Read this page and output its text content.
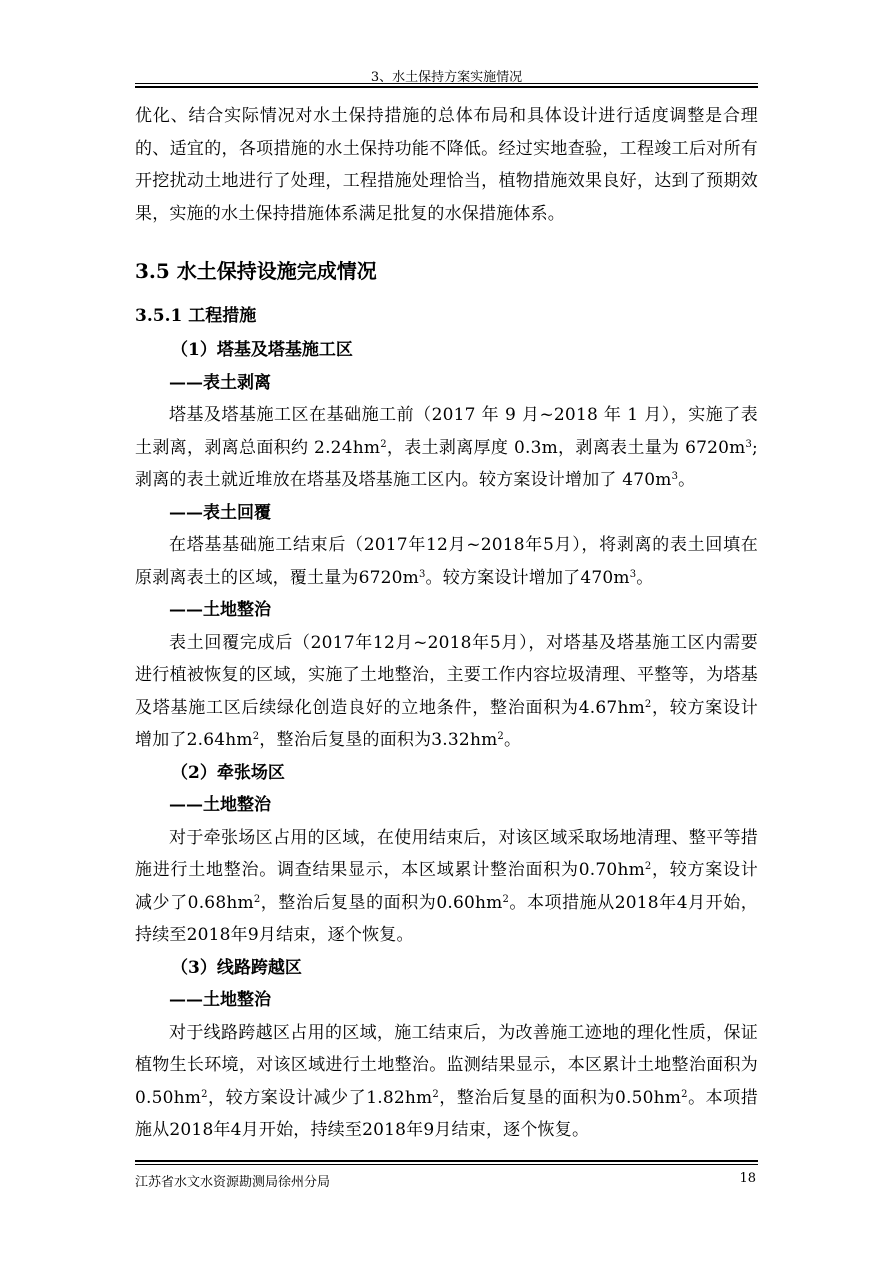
3、水土保持方案实施情况

优化、结合实际情况对水土保持措施的总体布局和具体设计进行适度调整是合理的、适宜的，各项措施的水土保持功能不降低。经过实地查验，工程竣工后对所有开挖扰动土地进行了处理，工程措施处理恰当，植物措施效果良好，达到了预期效果，实施的水土保持措施体系满足批复的水保措施体系。

3.5 水土保持设施完成情况
3.5.1 工程措施
（1）塔基及塔基施工区
——表土剥离

塔基及塔基施工区在基础施工前（2017 年 9 月~2018 年 1 月），实施了表土剥离，剥离总面积约 $2.24hm^2$，表土剥离厚度 0.3m，剥离表土量为 $6720m^3$; 剥离的表土就近堆放在塔基及塔基施工区内。较方案设计增加了 $470m^3$。

——表土回覆

在塔基基础施工结束后（2017年12月~2018年5月），将剥离的表土回填在原剥离表土的区域，覆土量为$6720m^3$。较方案设计增加了$470m^3$。

——土地整治

表土回覆完成后（2017年12月~2018年5月），对塔基及塔基施工区内需要进行植被恢复的区域，实施了土地整治，主要工作内容垃圾清理、平整等，为塔基及塔基施工区后续绿化创造良好的立地条件，整治面积为$4.67hm^2$，较方案设计增加了$2.64hm^2$，整治后复垦的面积为$3.32hm^2$。

（2）牵张场区
——土地整治

对于牵张场区占用的区域，在使用结束后，对该区域采取场地清理、整平等措施进行土地整治。调查结果显示，本区域累计整治面积为$0.70hm^2$，较方案设计减少了$0.68hm^2$，整治后复垦的面积为$0.60hm^2$。本项措施从2018年4月开始，持续至2018年9月结束，逐个恢复。

（3）线路跨越区
——土地整治

对于线路跨越区占用的区域，施工结束后，为改善施工迹地的理化性质，保证植物生长环境，对该区域进行土地整治。监测结果显示，本区累计土地整治面积为$0.50hm^2$，较方案设计减少了$1.82hm^2$，整治后复垦的面积为$0.50hm^2$。本项措施从2018年4月开始，持续至2018年9月结束，逐个恢复。

江苏省水文水资源勘测局徐州分局	18
